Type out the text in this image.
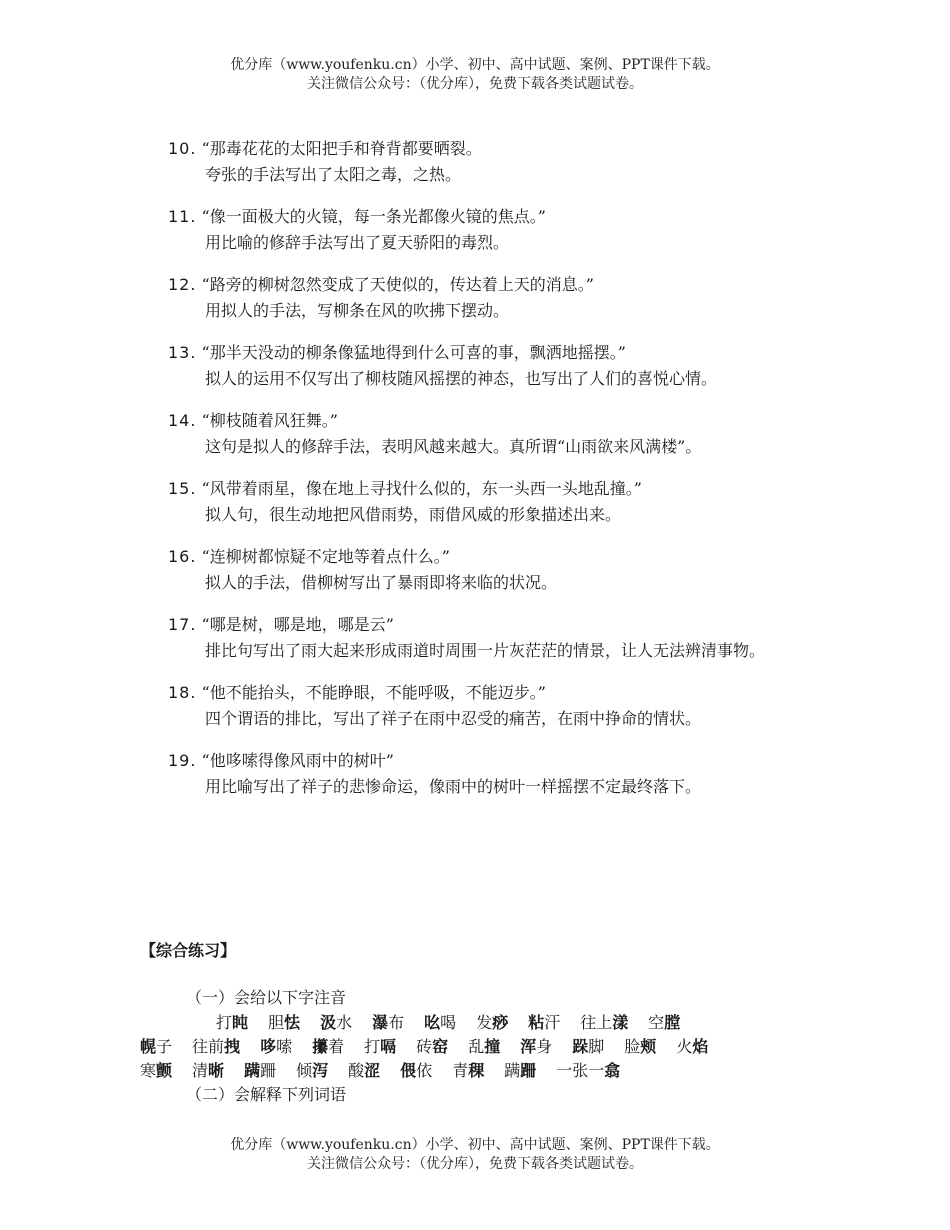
优分库（www.youfenku.cn）小学、初中、高中试题、案例、PPT课件下载。
关注微信公众号：（优分库），免费下载各类试题试卷。
10. “那毒花花的太阳把手和脊背都要晒裂。
夸张的手法写出了太阳之毒，之热。
11. “像一面极大的火镜，每一条光都像火镜的焦点。”
用比喻的修辞手法写出了夏天骄阳的毒烈。
12. “路旁的柳树忽然变成了天使似的，传达着上天的消息。”
用拟人的手法，写柳条在风的吹拂下摆动。
13. “那半天没动的柳条像猛地得到什么可喜的事，飘洒地摇摆。”
拟人的运用不仅写出了柳枝随风摇摆的神态，也写出了人们的喜悦心情。
14. “柳枝随着风狂舞。”
这句是拟人的修辞手法，表明风越来越大。真所谓“山雨欲来风满楼”。
15. “风带着雨星，像在地上寻找什么似的，东一头西一头地乱撞。”
拟人句，很生动地把风借雨势，雨借风威的形象描述出来。
16. “连柳树都惊疑不定地等着点什么。”
拟人的手法，借柳树写出了暴雨即将来临的状况。
17. “哪是树，哪是地，哪是云”
排比句写出了雨大起来形成雨道时周围一片灰茫茫的情景，让人无法辨清事物。
18. “他不能抬头，不能睁眼，不能呼吸，不能迈步。”
四个谓语的排比，写出了祥子在雨中忍受的痛苦，在雨中挣命的情状。
19. “他哆嗦得像风雨中的树叶”
用比喻写出了祥子的悲惨命运，像雨中的树叶一样摇摆不定最终落下。
【综合练习】
（一）会给以下字注音
打盹 胆怯 汲水 瀑布 吆喝 发痧 粘汗 往上漾 空膛
幌子 往前拽 哆嗦 攥着 打嗝 砖窑 乱撞 浑身 跺脚 脸颊 火焰
寒颤 清晰 蹒跚 倾泻 酸涩 偎依 青稞 蹒跚 一张一翕
（二）会解释下列词语
优分库（www.youfenku.cn）小学、初中、高中试题、案例、PPT课件下载。
关注微信公众号：（优分库），免费下载各类试题试卷。
